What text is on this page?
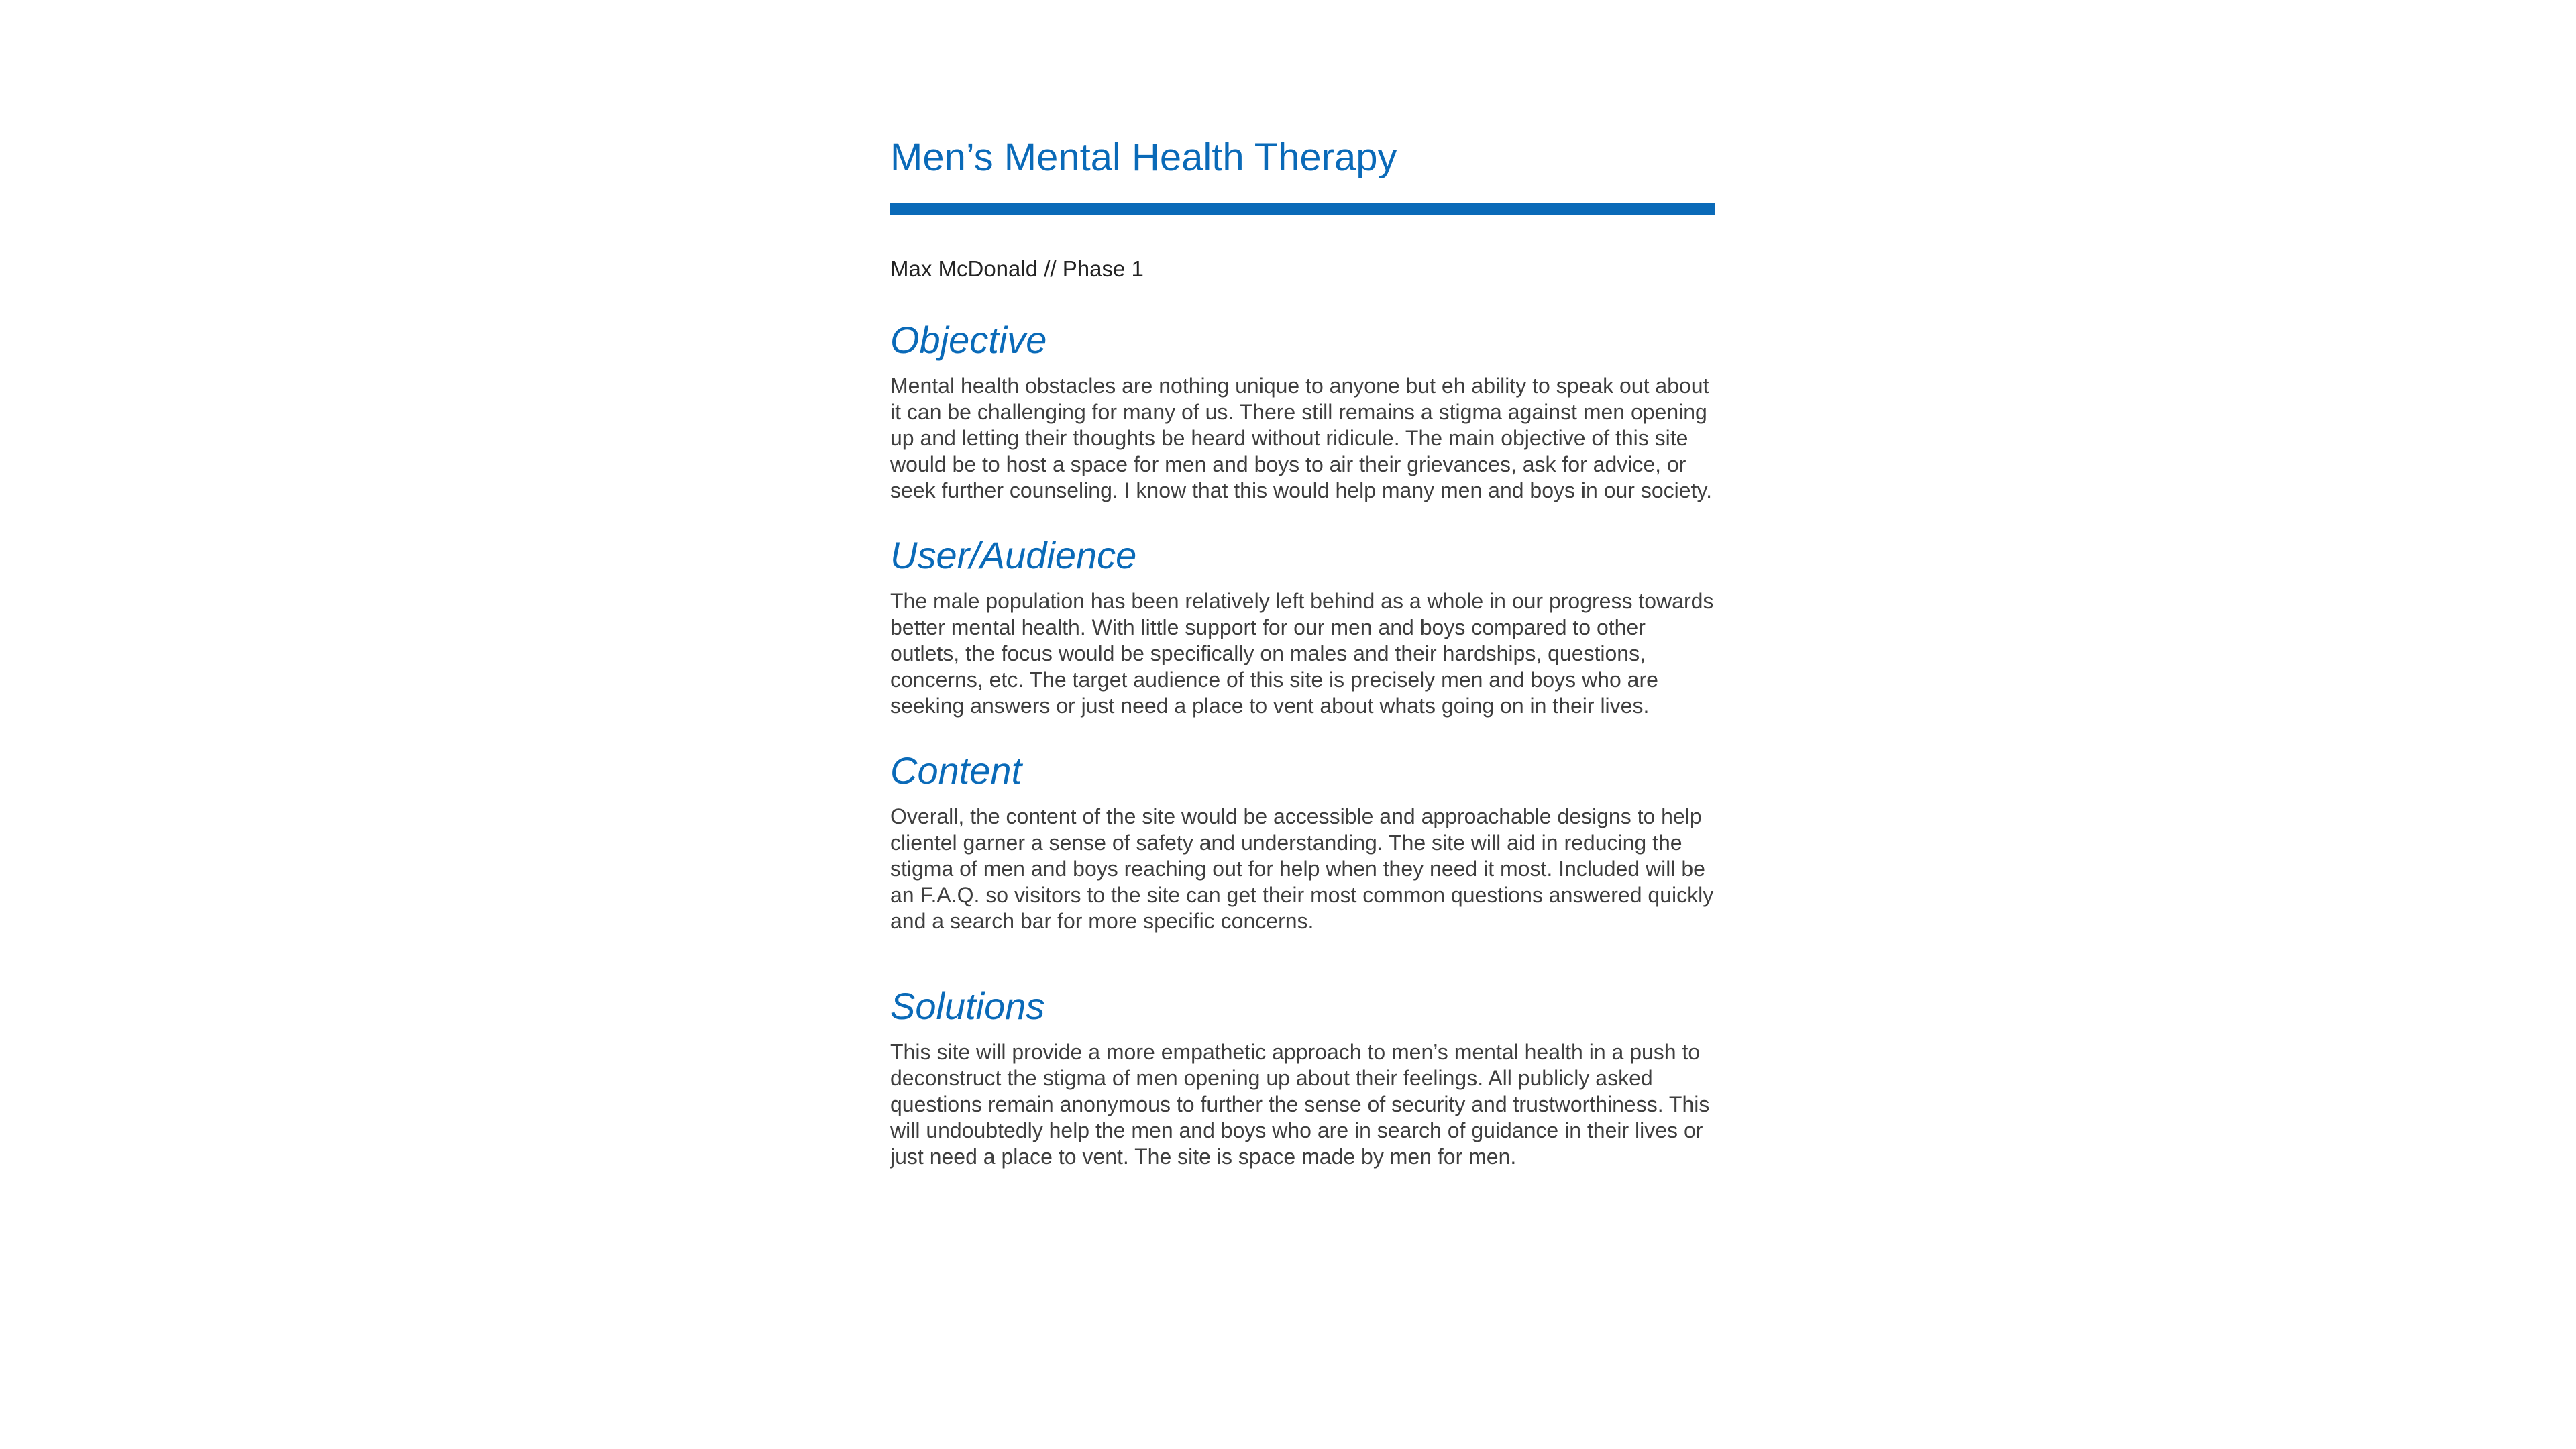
Men’s Mental Health Therapy
Max McDonald // Phase 1
Objective

Mental health obstacles are nothing unique to anyone but eh ability to speak out about it can be challenging for many of us. There still remains a stigma against men opening up and letting their thoughts be heard without ridicule. The main objective of this site would be to host a space for men and boys to air their grievances, ask for advice, or seek further counseling. I know that this would help many men and boys in our society.

User/Audience

The male population has been relatively left behind as a whole in our progress towards better mental health. With little support for our men and boys compared to other outlets, the focus would be specifically on males and their hardships, questions, concerns, etc. The target audience of this site is precisely men and boys who are seeking answers or just need a place to vent about whats going on in their lives.

Content

Overall, the content of the site would be accessible and approachable designs to help clientel garner a sense of safety and understanding. The site will aid in reducing the stigma of men and boys reaching out for help when they need it most. Included will be an F.A.Q. so visitors to the site can get their most common questions answered quickly and a search bar for more specific concerns.

Solutions

This site will provide a more empathetic approach to men’s mental health in a push to deconstruct the stigma of men opening up about their feelings. All publicly asked questions remain anonymous to further the sense of security and trustworthiness. This will undoubtedly help the men and boys who are in search of guidance in their lives or just need a place to vent. The site is space made by men for men.
